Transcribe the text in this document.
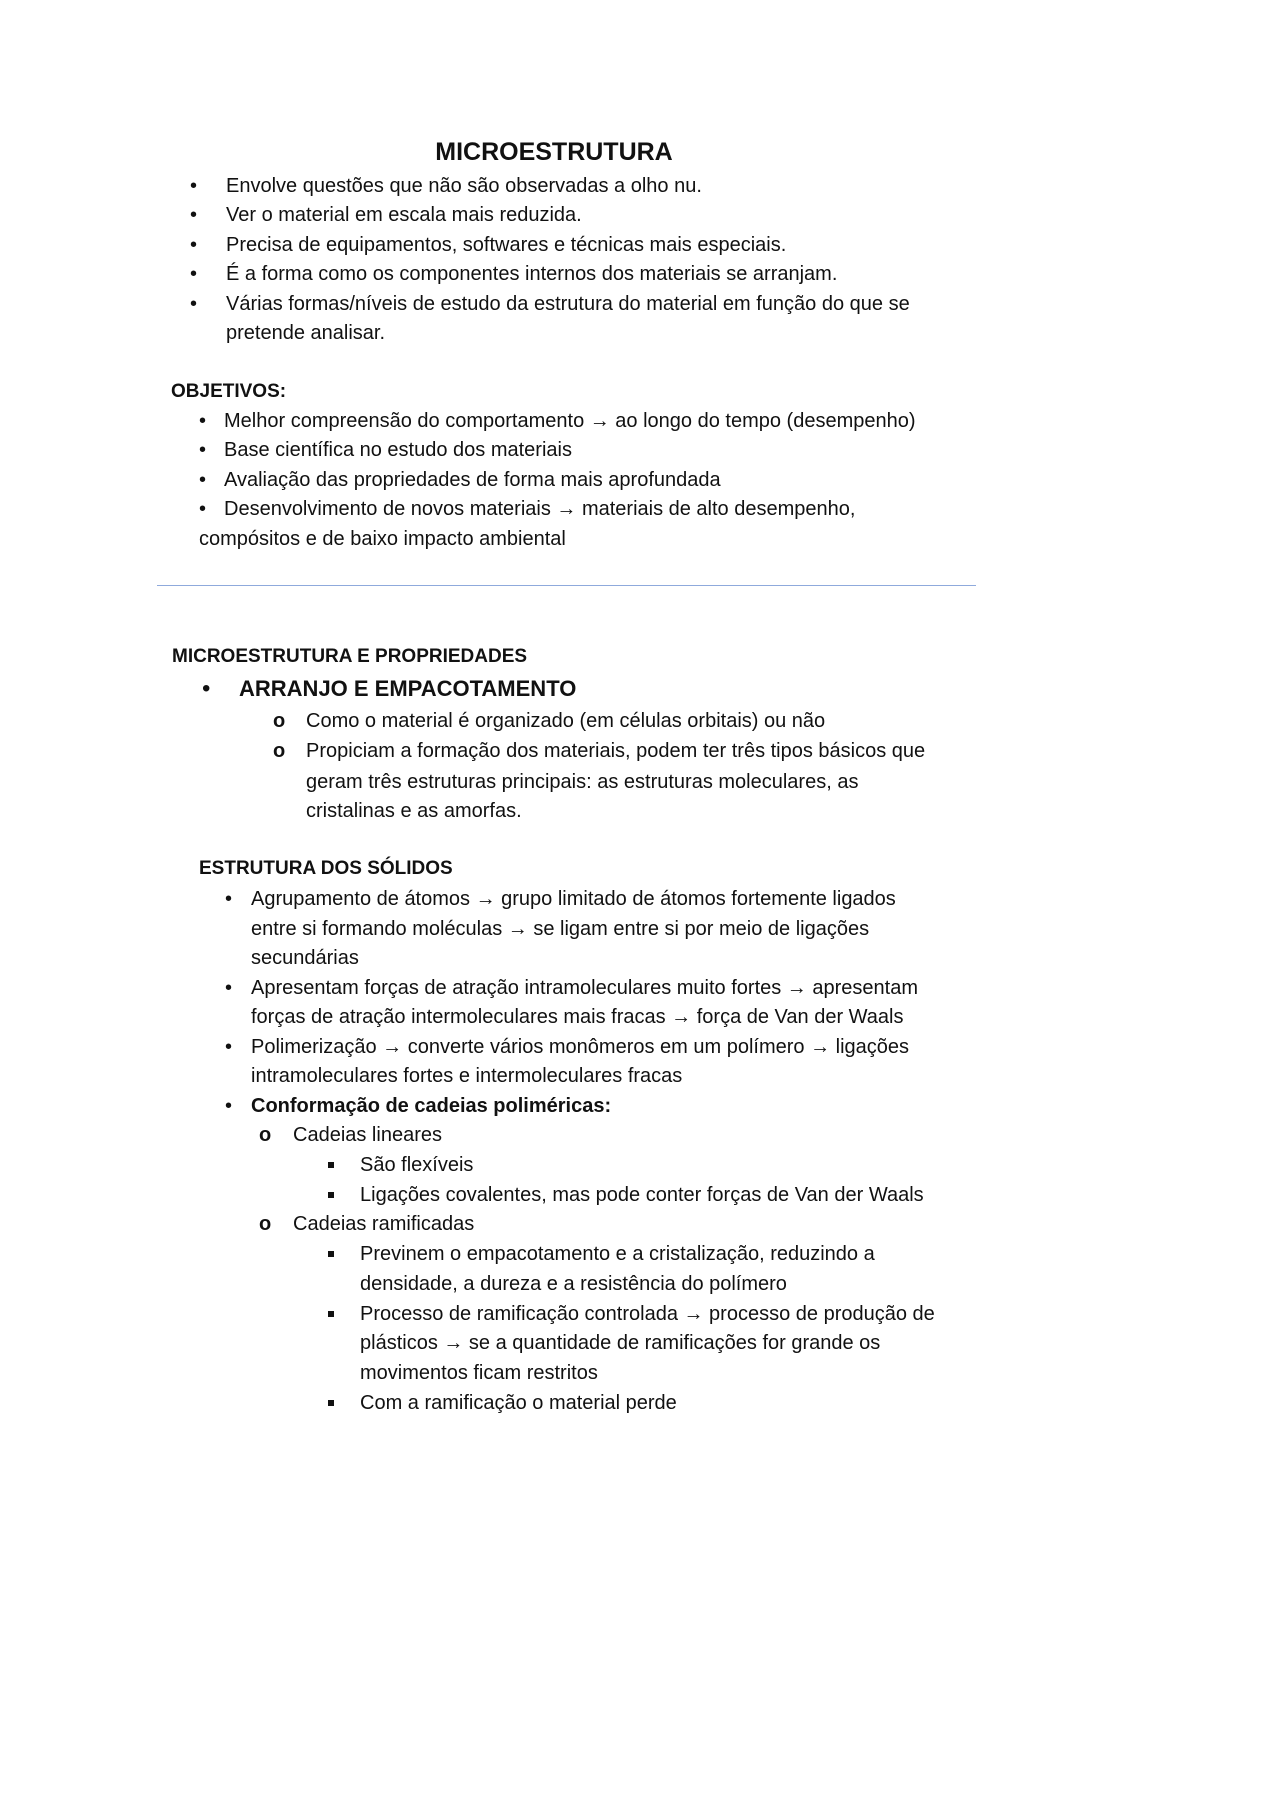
MICROESTRUTURA
• Envolve questões que não são observadas a olho nu.
• Ver o material em escala mais reduzida.
• Precisa de equipamentos, softwares e técnicas mais especiais.
• É a forma como os componentes internos dos materiais se arranjam.
• Várias formas/níveis de estudo da estrutura do material em função do que se
pretende analisar.
OBJETIVOS:
• Melhor compreensão do comportamento → ao longo do tempo (desempenho)
• Base científica no estudo dos materiais
• Avaliação das propriedades de forma mais aprofundada
• Desenvolvimento de novos materiais → materiais de alto desempenho,
compósitos e de baixo impacto ambiental
MICROESTRUTURA E PROPRIEDADES
• ARRANJO E EMPACOTAMENTO
o Como o material é organizado (em células orbitais) ou não
o Propiciam a formação dos materiais, podem ter três tipos básicos que
geram três estruturas principais: as estruturas moleculares, as
cristalinas e as amorfas.
ESTRUTURA DOS SÓLIDOS
• Agrupamento de átomos → grupo limitado de átomos fortemente ligados
entre si formando moléculas → se ligam entre si por meio de ligações
secundárias
• Apresentam forças de atração intramoleculares muito fortes → apresentam
forças de atração intermoleculares mais fracas → força de Van der Waals
• Polimerização → converte vários monômeros em um polímero → ligações
intramoleculares fortes e intermoleculares fracas
• Conformação de cadeias poliméricas:
o Cadeias lineares
São flexíveis
Ligações covalentes, mas pode conter forças de Van der Waals
o Cadeias ramificadas
Previnem o empacotamento e a cristalização, reduzindo a
densidade, a dureza e a resistência do polímero
Processo de ramificação controlada → processo de produção de
plásticos → se a quantidade de ramificações for grande os
movimentos ficam restritos
Com a ramificação o material perde
